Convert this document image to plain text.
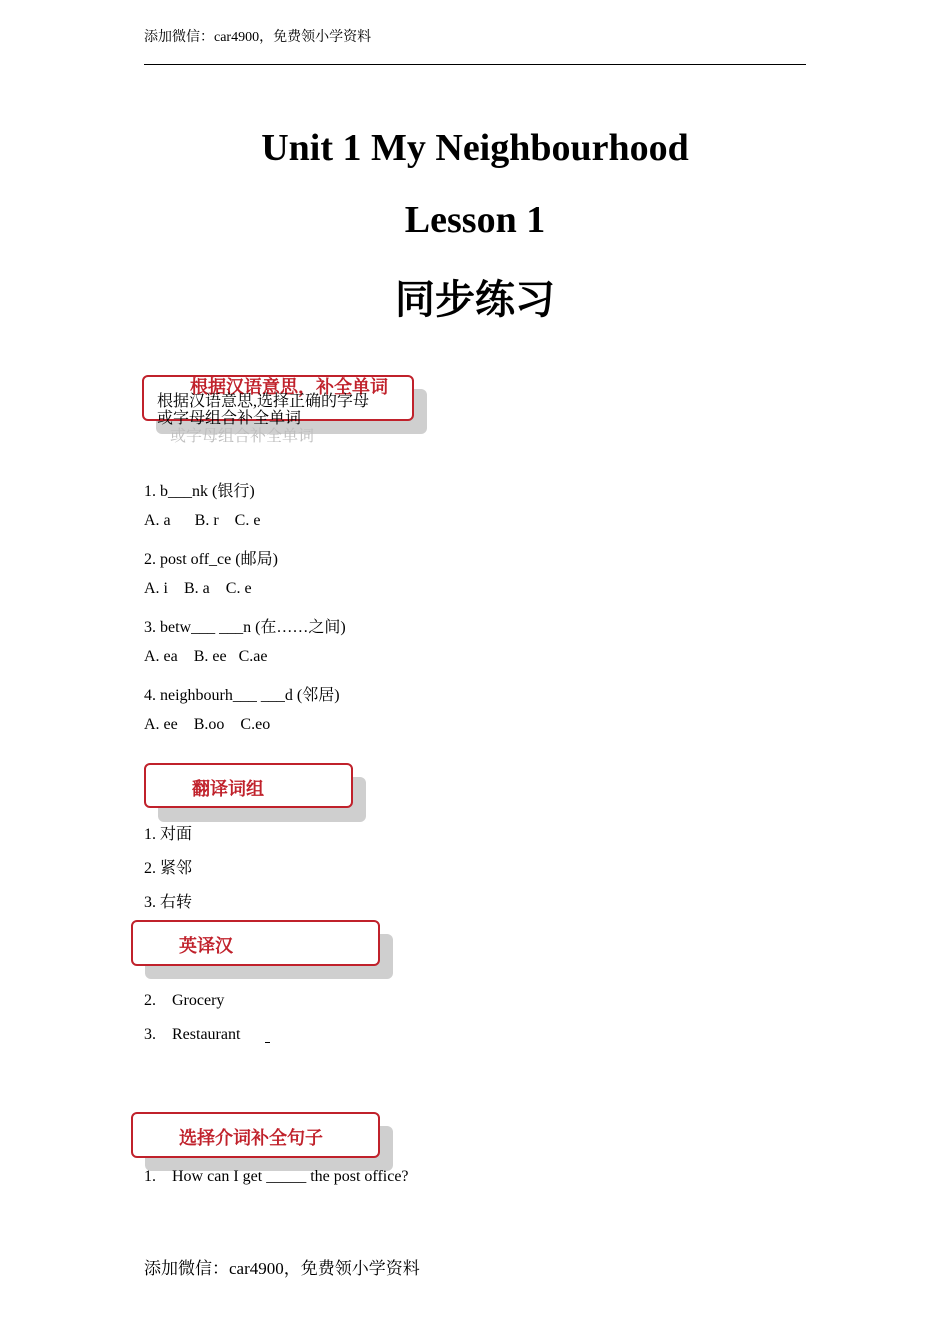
添加微信：car4900，免费领小学资料
Unit 1 My Neighbourhood
Lesson 1
同步练习
根据汉语意思，补全单词
根据汉语意思,选择正确的字母
或字母组合补全单词
或字母组合补全单词
1. b___nk (银行)
A. a      B. r    C. e
2. post off_ce (邮局)
A. i    B. a    C. e
3. betw___ ___n (在……之间)
A. ea    B. ee   C.ae
4. neighbourh___ ___d (邻居)
A. ee    B.oo    C.eo
翻译词组
1. 对面
2. 紧邻
3. 右转
英译汉
2. Grocery
3. Restaurant
选择介词补全句子
1. How can I get _____ the post office?
添加微信：car4900，免费领小学资料
